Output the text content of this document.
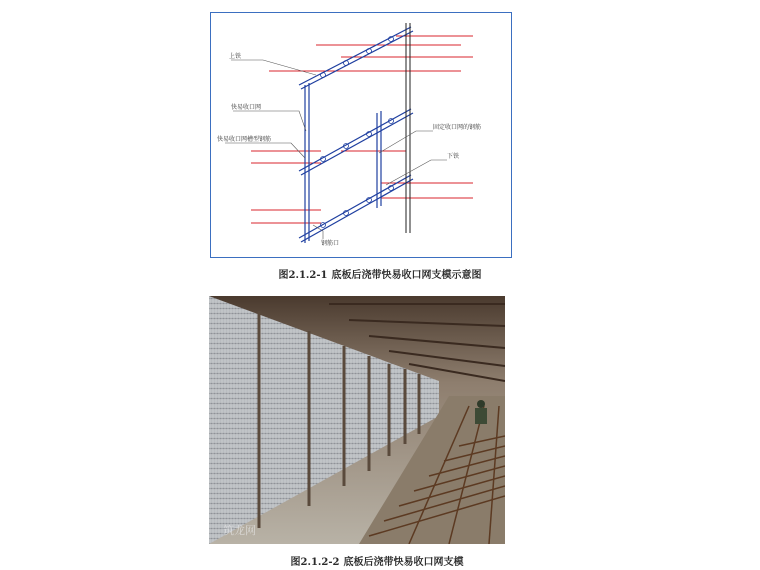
上铁
快易收口网
快易收口网槽型钢筋
固定收口网的钢筋
下铁
钢筋口
图2.1.2-1 底板后浇带快易收口网支模示意图
筑龙网
图2.1.2-2 底板后浇带快易收口网支模
